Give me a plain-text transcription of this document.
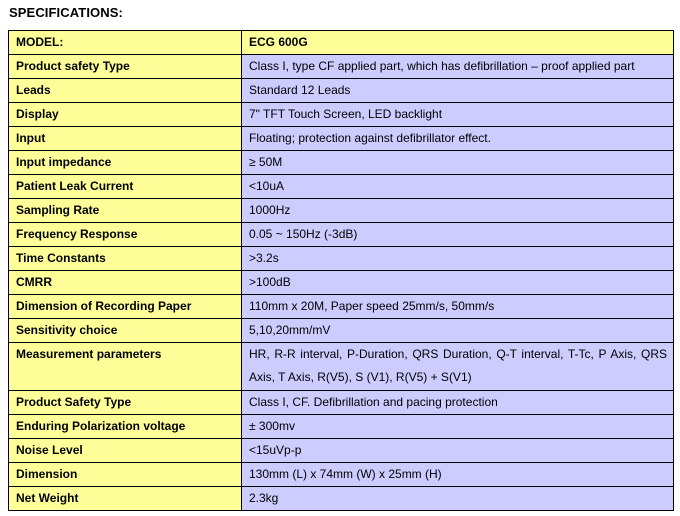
SPECIFICATIONS:
MODEL:	ECG 600G
Product safety Type	Class I, type CF applied part, which has defibrillation – proof applied part
Leads	Standard 12 Leads
Display	7" TFT Touch Screen, LED backlight
Input	Floating; protection against defibrillator effect.
Input impedance	≥ 50M
Patient Leak Current	<10uA
Sampling Rate	1000Hz
Frequency Response	0.05 ~ 150Hz (-3dB)
Time Constants	>3.2s
CMRR	>100dB
Dimension of Recording Paper	110mm x 20M, Paper speed 25mm/s, 50mm/s
Sensitivity choice	5,10,20mm/mV
Measurement parameters	HR, R-R interval, P-Duration, QRS Duration, Q-T interval, T-Tc, P Axis, QRS Axis, T Axis, R(V5), S (V1), R(V5) + S(V1)
Product Safety Type	Class I, CF. Defibrillation and pacing protection
Enduring Polarization voltage	± 300mv
Noise Level	<15uVp-p
Dimension	130mm (L) x 74mm (W) x 25mm (H)
Net Weight	2.3kg
